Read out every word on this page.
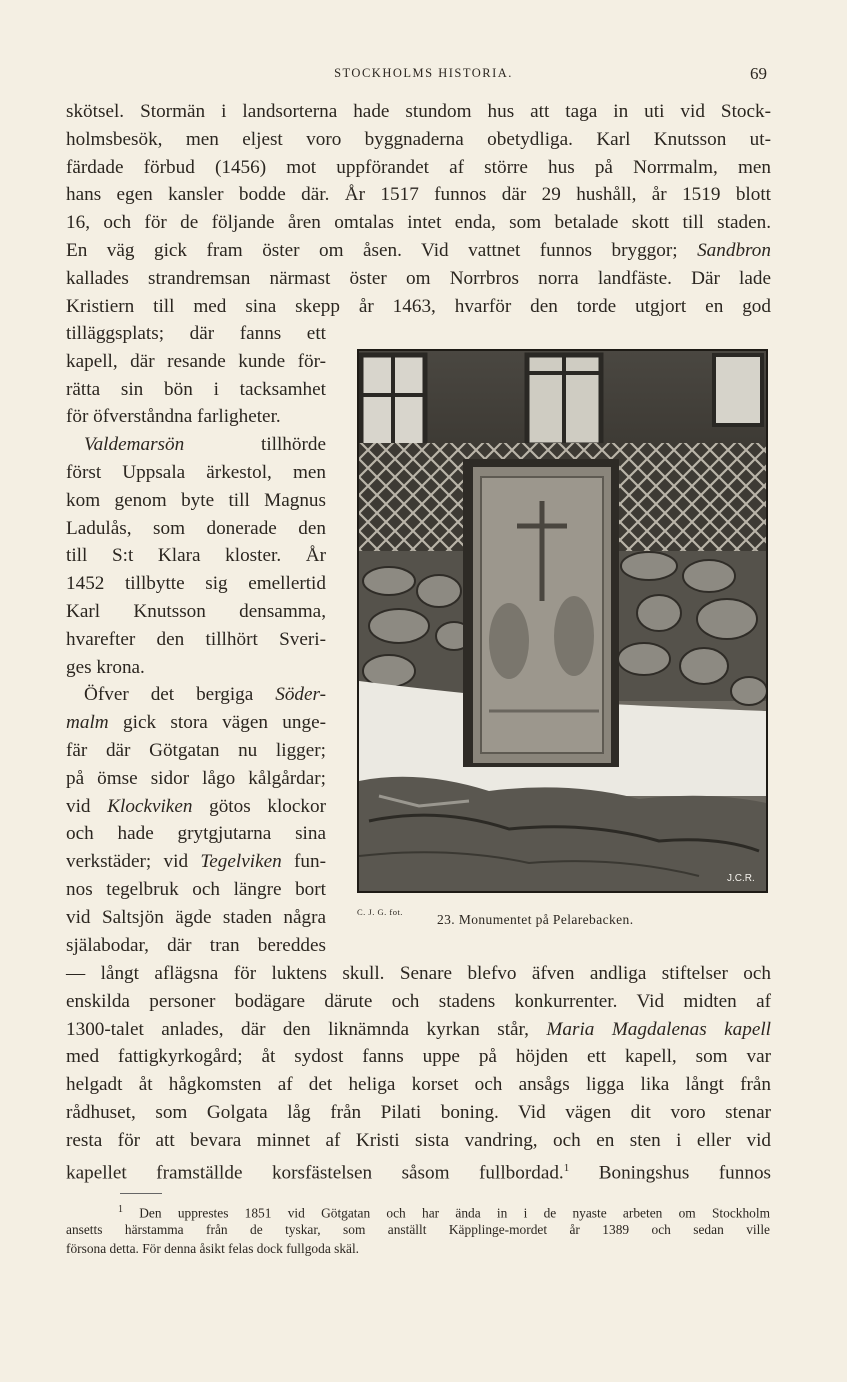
STOCKHOLMS HISTORIA.	69
skötsel. Stormän i landsorterna hade stundom hus att taga in uti vid Stock-
holmsbesök, men eljest voro byggnaderna obetydliga. Karl Knutsson ut-
färdade förbud (1456) mot uppförandet af större hus på Norrmalm, men
hans egen kansler bodde där. År 1517 funnos där 29 hushåll, år 1519 blott
16, och för de följande åren omtalas intet enda, som betalade skott till staden.
En väg gick fram öster om åsen. Vid vattnet funnos bryggor; Sandbron
kallades strandremsan närmast öster om Norrbros norra landfäste. Där lade
Kristiern till med sina skepp år 1463, hvarför den torde utgjort en god
tilläggsplats; där fanns ett
kapell, där resande kunde för-
rätta sin bön i tacksamhet
för öfverståndna farligheter.
Valdemarsön tillhörde
först Uppsala ärkestol, men
kom genom byte till Magnus
Ladulås, som donerade den
till S:t Klara kloster. År
1452 tillbytte sig emellertid
Karl Knutsson densamma,
hvarefter den tillhört Sveri-
ges krona.
Öfver det bergiga Söder-
malm gick stora vägen unge-
fär där Götgatan nu ligger;
på ömse sidor lågo kålgårdar;
vid Klockviken götos klockor
och hade grytgjutarna sina
verkstäder; vid Tegelviken fun-
nos tegelbruk och längre bort
vid Saltsjön ägde staden några
själabodar, där tran bereddes
J.C.R.
C. J. G. fot.	23. Monumentet på Pelarebacken.
— långt aflägsna för luktens skull. Senare blefvo äfven andliga stiftelser och
enskilda personer bodägare därute och stadens konkurrenter. Vid midten af
1300-talet anlades, där den liknämnda kyrkan står, Maria Magdalenas kapell
med fattigkyrkogård; åt sydost fanns uppe på höjden ett kapell, som var
helgadt åt hågkomsten af det heliga korset och ansågs ligga lika långt från
rådhuset, som Golgata låg från Pilati boning. Vid vägen dit voro stenar
resta för att bevara minnet af Kristi sista vandring, och en sten i eller vid
kapellet framställde korsfästelsen såsom fullbordad.$^1$ Boningshus funnos
$^1$ Den upprestes 1851 vid Götgatan och har ända in i de nyaste arbeten om Stockholm
ansetts härstamma från de tyskar, som anställt Käpplinge-mordet år 1389 och sedan ville
försona detta. För denna åsikt felas dock fullgoda skäl.
